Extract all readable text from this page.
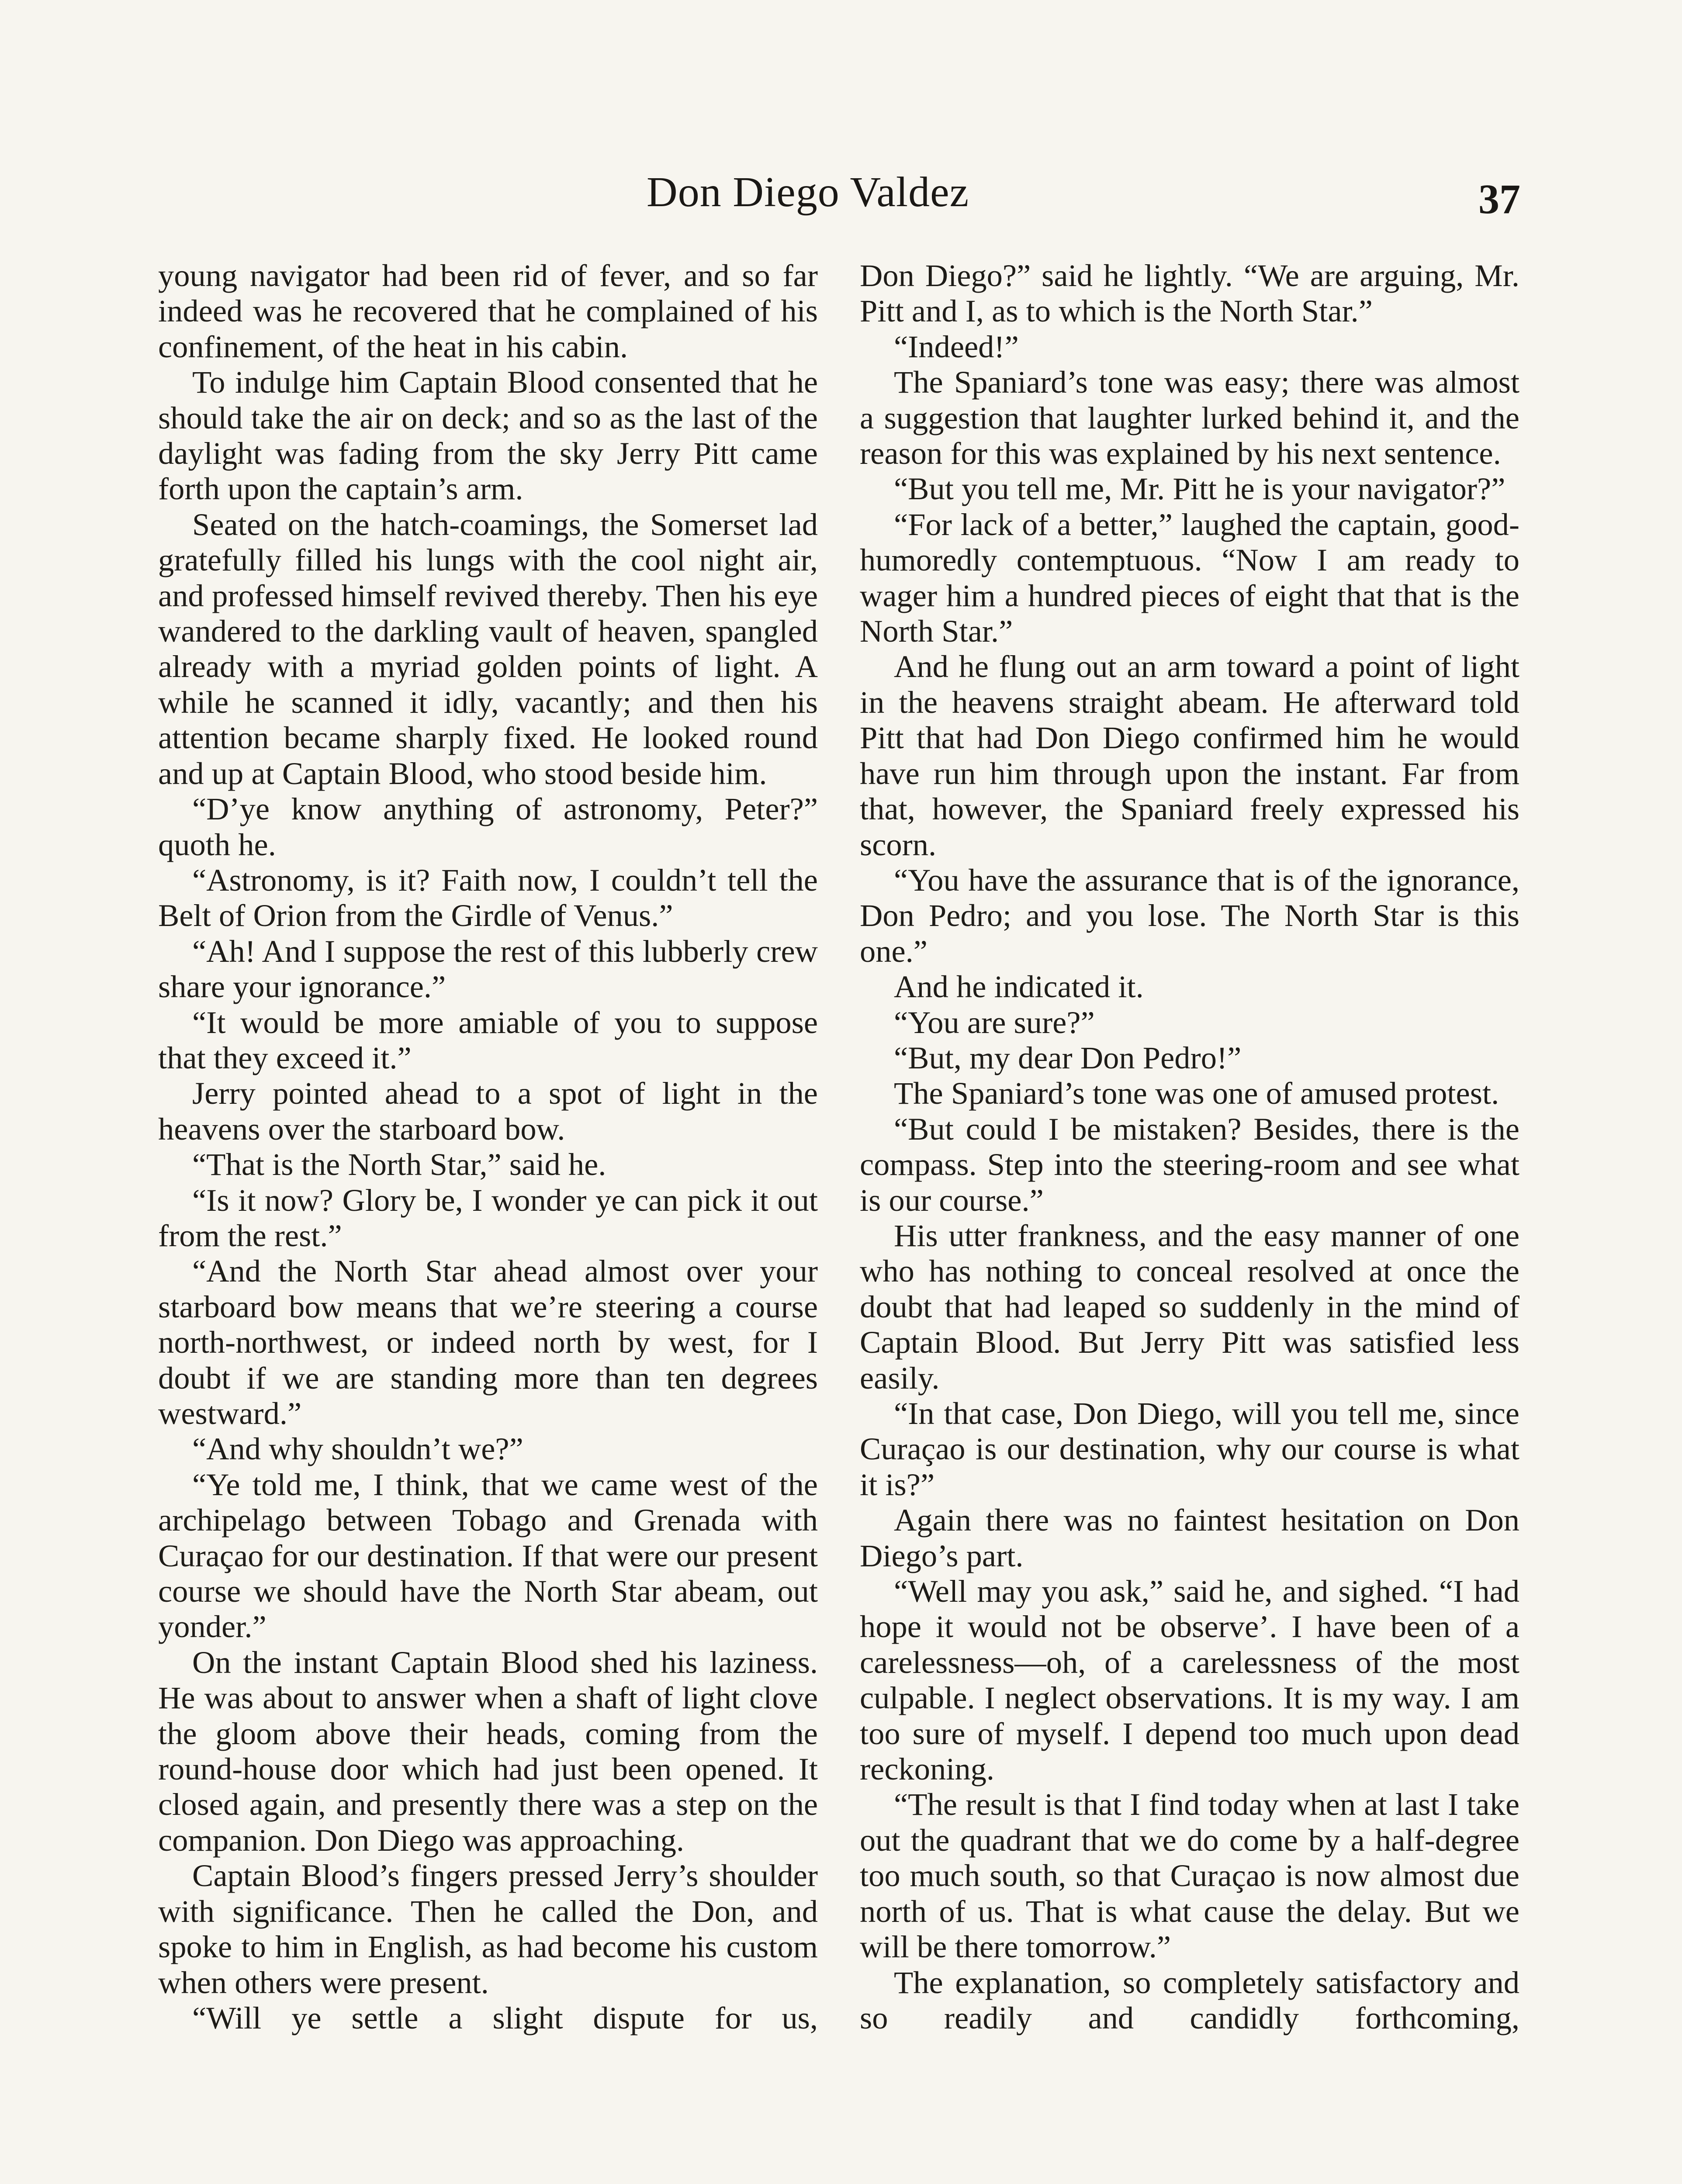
Don Diego Valdez	37

young navigator had been rid of fever, and so far indeed was he recovered that he complained of his confinement, of the heat in his cabin.

To indulge him Captain Blood consented that he should take the air on deck; and so as the last of the daylight was fading from the sky Jerry Pitt came forth upon the captain’s arm.

Seated on the hatch-coamings, the Somerset lad gratefully filled his lungs with the cool night air, and professed himself revived thereby. Then his eye wandered to the darkling vault of heaven, spangled already with a myriad golden points of light. A while he scanned it idly, vacantly; and then his attention became sharply fixed. He looked round and up at Captain Blood, who stood beside him.

“D’ye know anything of astronomy, Peter?” quoth he.

“Astronomy, is it? Faith now, I couldn’t tell the Belt of Orion from the Girdle of Venus.”

“Ah! And I suppose the rest of this lubberly crew share your ignorance.”

“It would be more amiable of you to suppose that they exceed it.”

Jerry pointed ahead to a spot of light in the heavens over the starboard bow.

“That is the North Star,” said he.

“Is it now? Glory be, I wonder ye can pick it out from the rest.”

“And the North Star ahead almost over your starboard bow means that we’re steering a course north-northwest, or indeed north by west, for I doubt if we are standing more than ten degrees westward.”

“And why shouldn’t we?”

“Ye told me, I think, that we came west of the archipelago between Tobago and Grenada with Curaçao for our destination. If that were our present course we should have the North Star abeam, out yonder.”

On the instant Captain Blood shed his laziness. He was about to answer when a shaft of light clove the gloom above their heads, coming from the round-house door which had just been opened. It closed again, and presently there was a step on the companion. Don Diego was approaching.

Captain Blood’s fingers pressed Jerry’s shoulder with significance. Then he called the Don, and spoke to him in English, as had become his custom when others were present.

“Will ye settle a slight dispute for us,

Don Diego?” said he lightly. “We are arguing, Mr. Pitt and I, as to which is the North Star.”

“Indeed!”

The Spaniard’s tone was easy; there was almost a suggestion that laughter lurked behind it, and the reason for this was explained by his next sentence.

“But you tell me, Mr. Pitt he is your navigator?”

“For lack of a better,” laughed the captain, good-humoredly contemptuous. “Now I am ready to wager him a hundred pieces of eight that that is the North Star.”

And he flung out an arm toward a point of light in the heavens straight abeam. He afterward told Pitt that had Don Diego confirmed him he would have run him through upon the instant. Far from that, however, the Spaniard freely expressed his scorn.

“You have the assurance that is of the ignorance, Don Pedro; and you lose. The North Star is this one.”

And he indicated it.

“You are sure?”

“But, my dear Don Pedro!”

The Spaniard’s tone was one of amused protest.

“But could I be mistaken? Besides, there is the compass. Step into the steering-room and see what is our course.”

His utter frankness, and the easy manner of one who has nothing to conceal resolved at once the doubt that had leaped so suddenly in the mind of Captain Blood. But Jerry Pitt was satisfied less easily.

“In that case, Don Diego, will you tell me, since Curaçao is our destination, why our course is what it is?”

Again there was no faintest hesitation on Don Diego’s part.

“Well may you ask,” said he, and sighed. “I had hope it would not be observe’. I have been of a carelessness—oh, of a carelessness of the most culpable. I neglect observations. It is my way. I am too sure of myself. I depend too much upon dead reckoning.

“The result is that I find today when at last I take out the quadrant that we do come by a half-degree too much south, so that Curaçao is now almost due north of us. That is what cause the delay. But we will be there tomorrow.”

The explanation, so completely satisfactory and so readily and candidly forthcoming,
